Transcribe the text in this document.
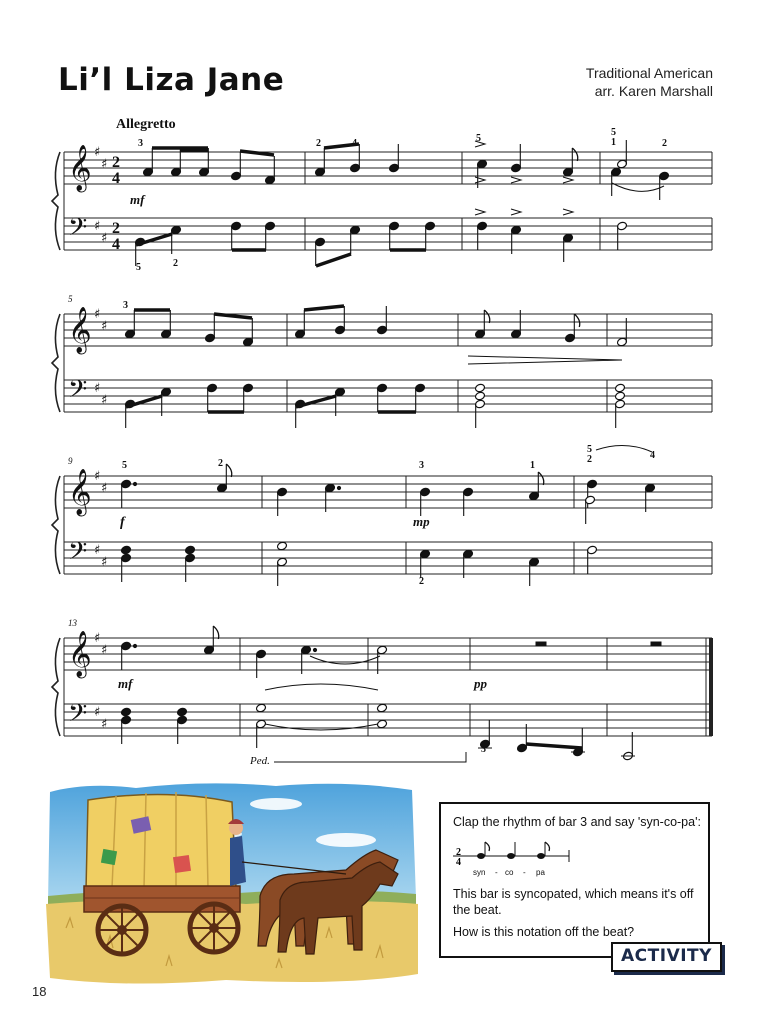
Li’l Liza Jane	Traditional American
arr. Karen Marshall
Allegretto
𝄞
𝄢
♯
♯
♯
♯
𝄞
𝄢
♯
♯
♯
♯
𝄞
𝄢
♯
♯
♯
♯
𝄞
𝄢
♯
♯
♯
♯
2
4
2
4
5
9
13
mf
f	mp
mf	pp
3	2	4	5
5
1	2
5	2
3
5	2	3	1
5
2	4
2
3
Ped.
Clap the rhythm of bar 3 and say 'syn-co-pa':
2
4
syn - co - pa
This bar is syncopated, which means it's off the beat.
How is this notation off the beat?
ACTIVITY
18
